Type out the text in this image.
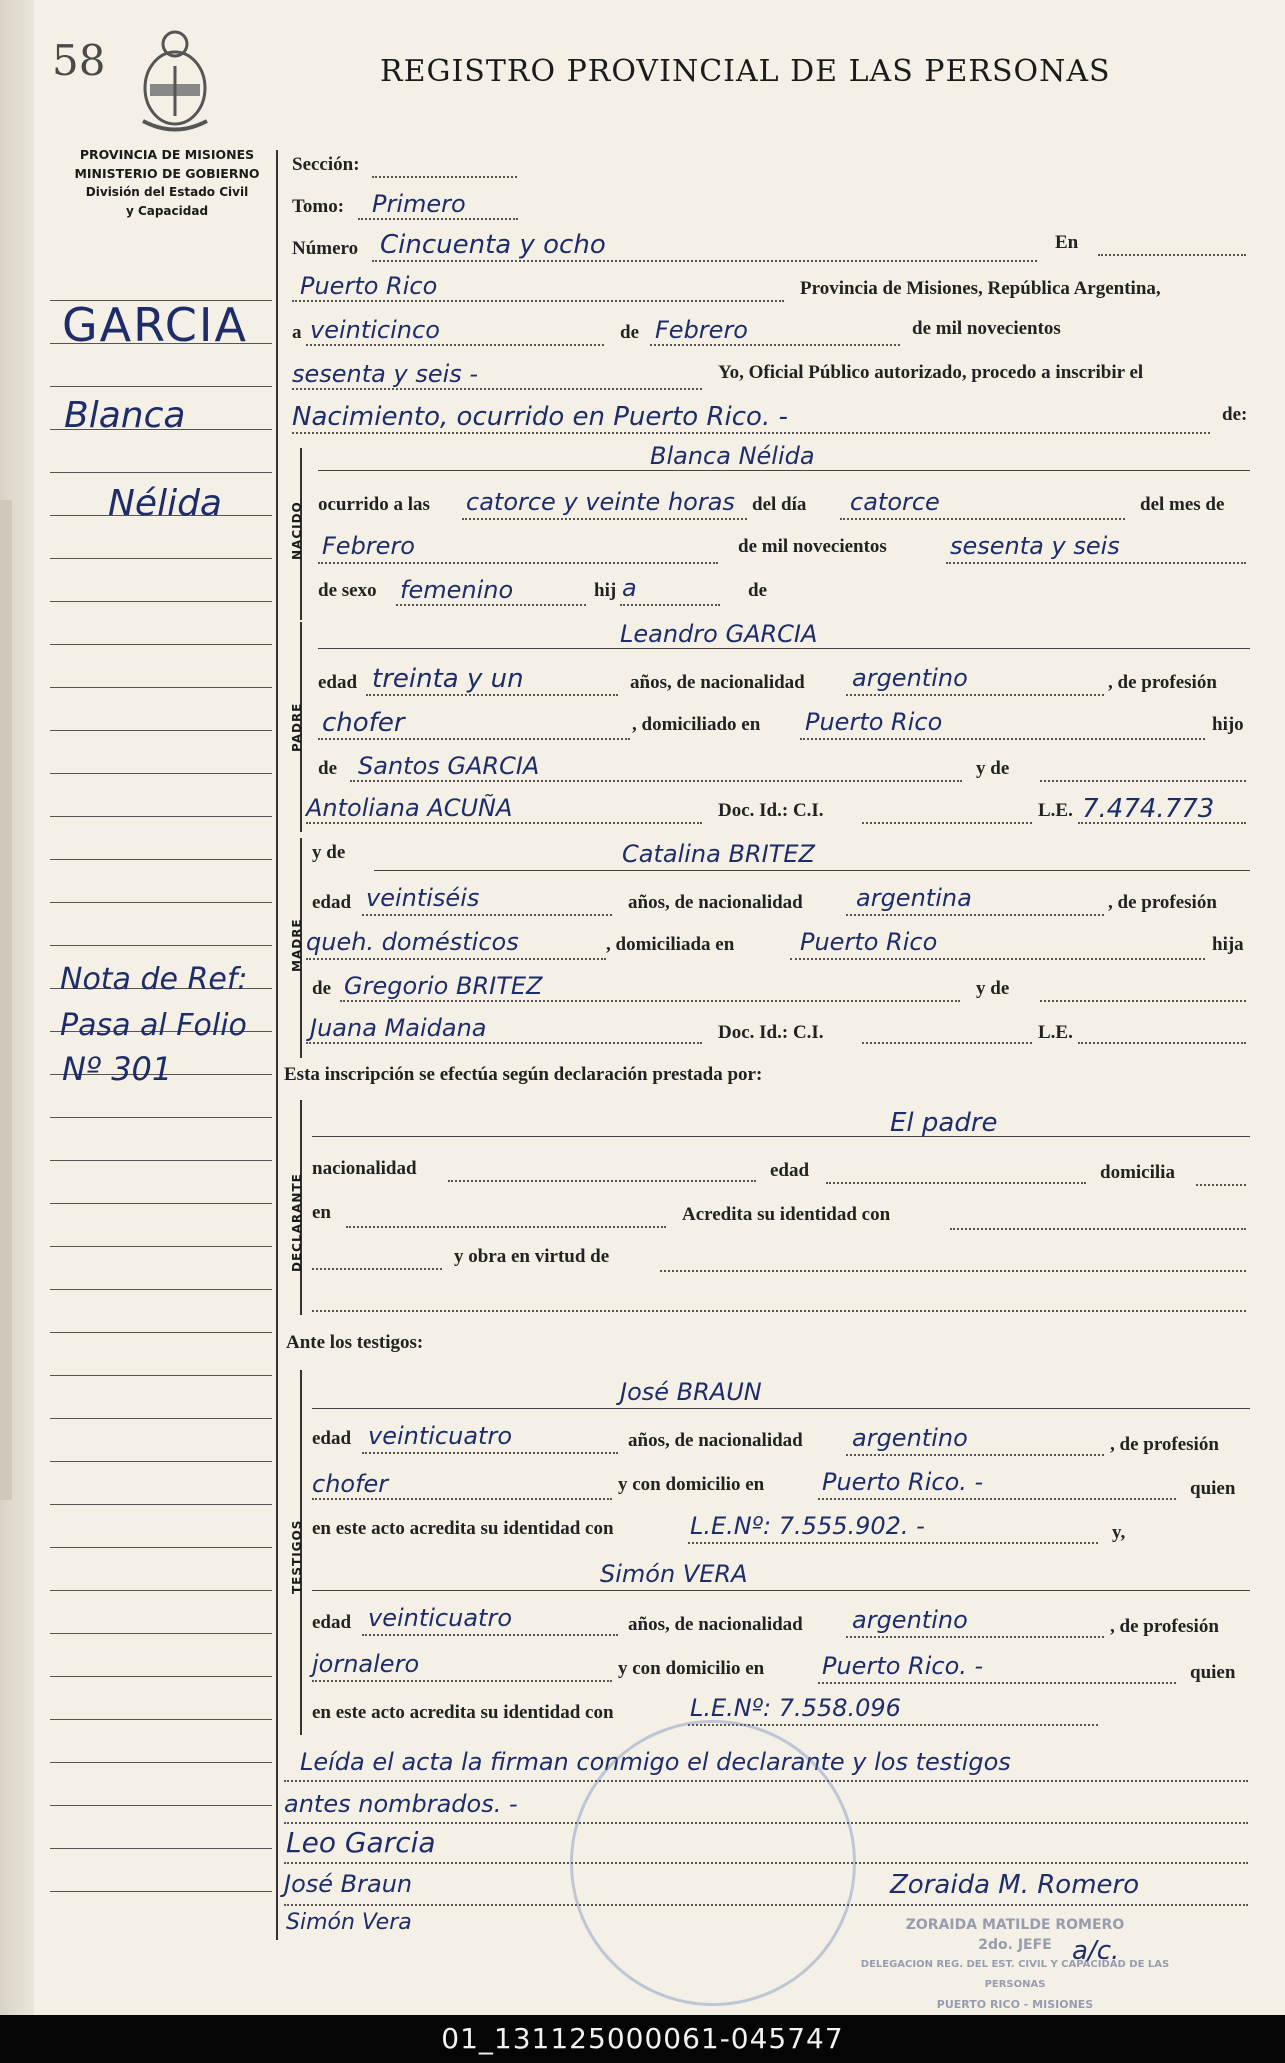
58	REGISTRO PROVINCIAL DE LAS PERSONAS
PROVINCIA DE MISIONES
MINISTERIO DE GOBIERNO
División del Estado Civil
y Capacidad
GARCIA
Blanca
Nélida
Nota de Ref:
Pasa al Folio
Nº 301
Sección:
Tomo: Primero
Número Cincuenta y ocho	En
Puerto Rico	Provincia de Misiones, República Argentina,
a veinticinco	de Febrero	de mil novecientos
sesenta y seis -	Yo, Oficial Público autorizado, procedo a inscribir el
Nacimiento, ocurrido en Puerto Rico. -	de:
NACIDO
Blanca Nélida
ocurrido a las catorce y veinte horas del día catorce	del mes de
Febrero	de mil novecientos	sesenta y seis
de sexo femenino	hij a	de
PADRE
Leandro GARCIA
edad treinta y un	años, de nacionalidad argentino	, de profesión
chofer	, domiciliado en Puerto Rico	hijo
de Santos GARCIA	y de
Antoliana ACUÑA	Doc. Id.: C.I.	L.E. 7.474.773
MADRE
y de	Catalina BRITEZ
edad veintiséis	años, de nacionalidad argentina	, de profesión
queh. domésticos	, domiciliada en	Puerto Rico	hija
de Gregorio BRITEZ	y de
Juana Maidana	Doc. Id.: C.I.	L.E.
Esta inscripción se efectúa según declaración prestada por:
DECLARANTE
El padre
nacionalidad	edad	domicilia
en	Acredita su identidad con
y obra en virtud de
Ante los testigos:
TESTIGOS
José BRAUN
edad veinticuatro	años, de nacionalidad argentino	, de profesión
chofer	y con domicilio en Puerto Rico. -	quien
en este acto acredita su identidad con	L.E.Nº: 7.555.902. -	y,
Simón VERA
edad veinticuatro	años, de nacionalidad argentino	, de profesión
jornalero	y con domicilio en Puerto Rico. -	quien
en este acto acredita su identidad con	L.E.Nº: 7.558.096
Leída el acta la firman conmigo el declarante y los testigos
antes nombrados. -
Leo Garcia
José Braun	Zoraida M. Romero
Simón Vera
a/c.
ZORAIDA MATILDE ROMERO
2do. JEFE
DELEGACION REG. DEL EST. CIVIL Y CAPACIDAD DE LAS PERSONAS
PUERTO RICO - MISIONES
01_131125000061-045747
